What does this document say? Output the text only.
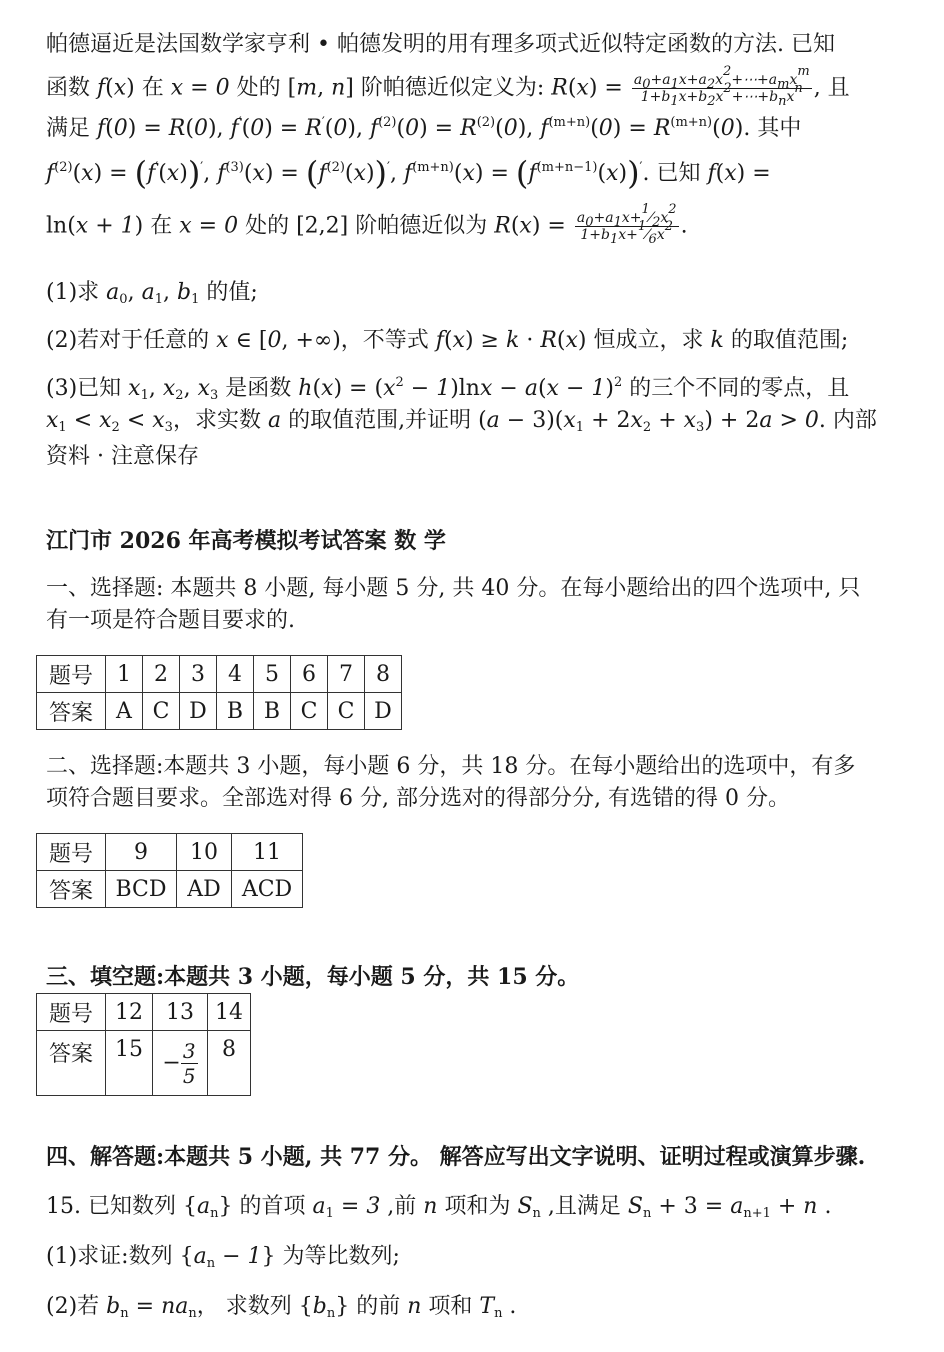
帕德逼近是法国数学家亨利 • 帕德发明的用有理多项式近似特定函数的方法. 已知
函数 f(x) 在 x = 0 处的 [m, n] 阶帕德近似定义为: $R(x) = \frac{a_0+a_1x+a_2x^2+\cdots+a_mx^m}{1+b_1x+b_2x^2+\cdots+b_nx^n}$ , 且
满足 f(0) = R(0), f′(0) = R′(0), $f^{(2)}(0) = R^{(2)}(0)$, $f^{(m+n)}(0) = R^{(m+n)}(0)$. 其中
$f^{(2)}(x) = (f'(x))'$, $f^{(3)}(x) = (f^{(2)}(x))'$, $f^{(m+n)}(x) = (f^{(m+n-1)}(x))'$. 已知 f(x) =
ln(x + 1) 在 x = 0 处的 [2,2] 阶帕德近似为 $R(x) = \frac{a_0+a_1x+^1⁄_2x^2}{1+b_1x+^1⁄_6x^2}$ .
(1)求 $a_0$, $a_1$, $b_1$ 的值;
(2)若对于任意的 x ∈ [0, +∞)，不等式 f(x) ≥ k · R(x) 恒成立，求 k 的取值范围;
(3)已知 $x_1$, $x_2$, $x_3$ 是函数 $h(x) = (x^2 - 1)\ln x - a(x - 1)^2$ 的三个不同的零点，且
$x_1 < x_2 < x_3$，求实数 a 的取值范围,并证明 $(a - 3)(x_1 + 2x_2 + x_3) + 2a > 0$. 内部
资料 · 注意保存
江门市 2026 年高考模拟考试答案 数 学
一、选择题: 本题共 8 小题, 每小题 5 分, 共 40 分。在每小题给出的四个选项中, 只
有一项是符合题目要求的.
题号	1	2	3	4	5	6	7	8
答案	A	C	D	B	B	C	C	D
二、选择题:本题共 3 小题，每小题 6 分，共 18 分。在每小题给出的选项中，有多
项符合题目要求。全部选对得 6 分, 部分选对的得部分分, 有选错的得 0 分。
题号	9	10	11
答案	BCD	AD	ACD
三、填空题:本题共 3 小题，每小题 5 分，共 15 分。
题号	12	13	14
答案	15	− $\frac{3}{5}$	8
四、解答题:本题共 5 小题, 共 77 分。 解答应写出文字说明、证明过程或演算步骤.
15. 已知数列 $\{a_n\}$ 的首项 $a_1 = 3$ ,前 n 项和为 $S_n$ ,且满足 $S_n + 3 = a_{n+1} + n$ .
(1)求证:数列 $\{a_n - 1\}$ 为等比数列;
(2)若 $b_n = na_n$， 求数列 $\{b_n\}$ 的前 n 项和 $T_n$ .
